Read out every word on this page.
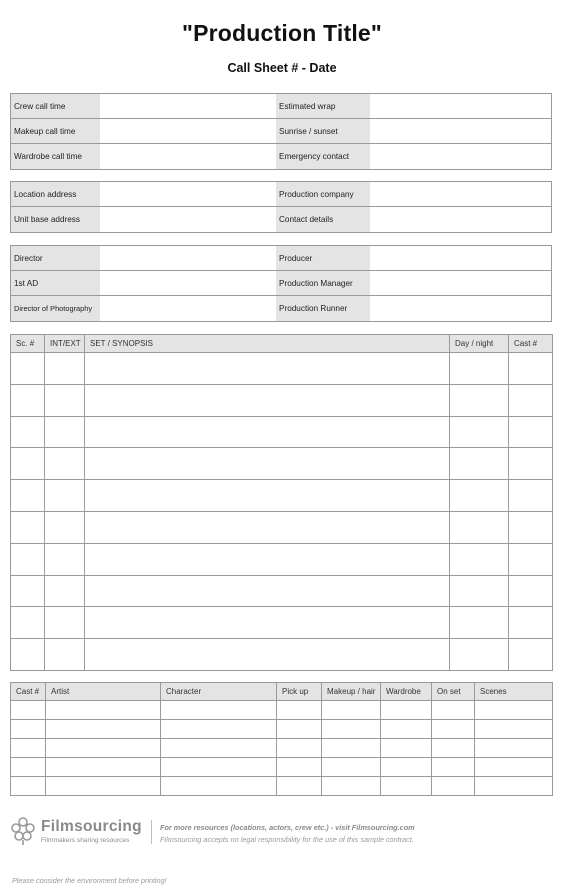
"Production Title"
Call Sheet # - Date
Crew call time	Estimated wrap
Makeup call time	Sunrise / sunset
Wardrobe call time	Emergency contact
Location address	Production company
Unit base address	Contact details
Director	Producer
1st AD	Production Manager
Director of Photography	Production Runner
Sc. #	INT/EXT	SET / SYNOPSIS	Day / night	Cast #

Cast #	Artist	Character	Pick up	Makeup / hair	Wardrobe	On set	Scenes

Filmsourcing
Filmmakers sharing resources
For more resources (locations, actors, crew etc.) - visit Filmsourcing.com
Filmsourcing accepts no legal responsibility for the use of this sample contract.
Please consider the environment before printing!
